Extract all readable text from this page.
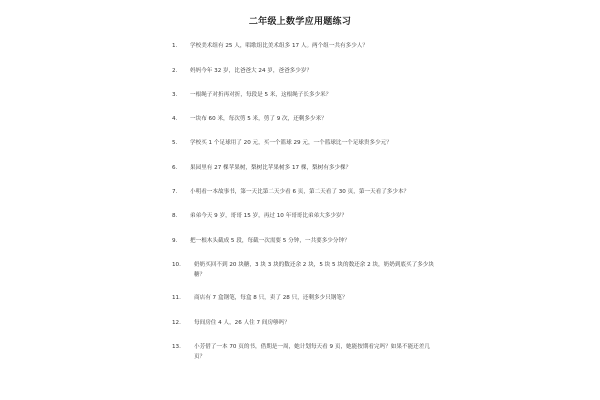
二年级上数学应用题练习
1.	学校美术组有 25 人，唱歌组比美术组多 17 人。两个组一共有多少人？
2.	妈妈今年 32 岁，比爸爸大 24 岁，爸爸多少岁？
3.	一根绳子对折再对折，每段是 5 米，这根绳子长多少米？
4.	一块布 60 米，每次剪 5 米，剪了 9 次，还剩多少米？
5.	学校买 1 个足球用了 20 元，买一个篮球 29 元，一个篮球比一个足球贵多少元？
6.	果园里有 27 棵苹果树，梨树比苹果树多 17 棵，梨树有多少棵？
7.	小明看一本故事书，第一天比第二天少看 6 页，第二天看了 30 页，第一天看了多少本？
8.	弟弟今天 9 岁，哥哥 15 岁，再过 10 年哥哥比弟弟大多少岁？
9.	把一根木头截成 5 段，每截一次需要 5 分钟，一共要多少分钟？
10.	奶奶买回不到 20 块糖，3 块 3 块的数还余 2 块，5 块 5 块的数还余 2 块，奶奶到底买了多少块糖？
11.	商店有 7 盒钢笔，每盒 8 只，卖了 28 只，还剩多少只钢笔？
12.	每间房住 4 人，26 人住 7 间房够吗？
13.	小芳借了一本 70 页的书，借期是一周，她计划每天看 9 页，她能按期看完吗？如果不能还差几页？
